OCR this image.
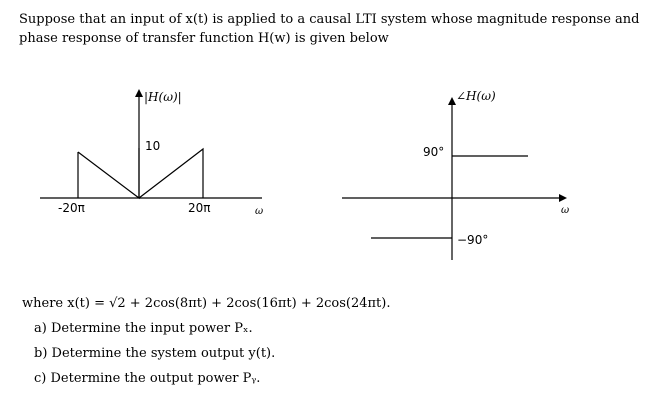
Suppose that an input of x(t) is applied to a causal LTI system whose magnitude response and phase response of transfer function H(w) is given below
|H(ω)|
10
-20π	20π	ω
∠H(ω)
90°
−90°
ω
where x(t) = √2 + 2cos(8πt) + 2cos(16πt) + 2cos(24πt).
a) Determine the input power Pₓ.
b) Determine the system output y(t).
c) Determine the output power Pᵧ.
